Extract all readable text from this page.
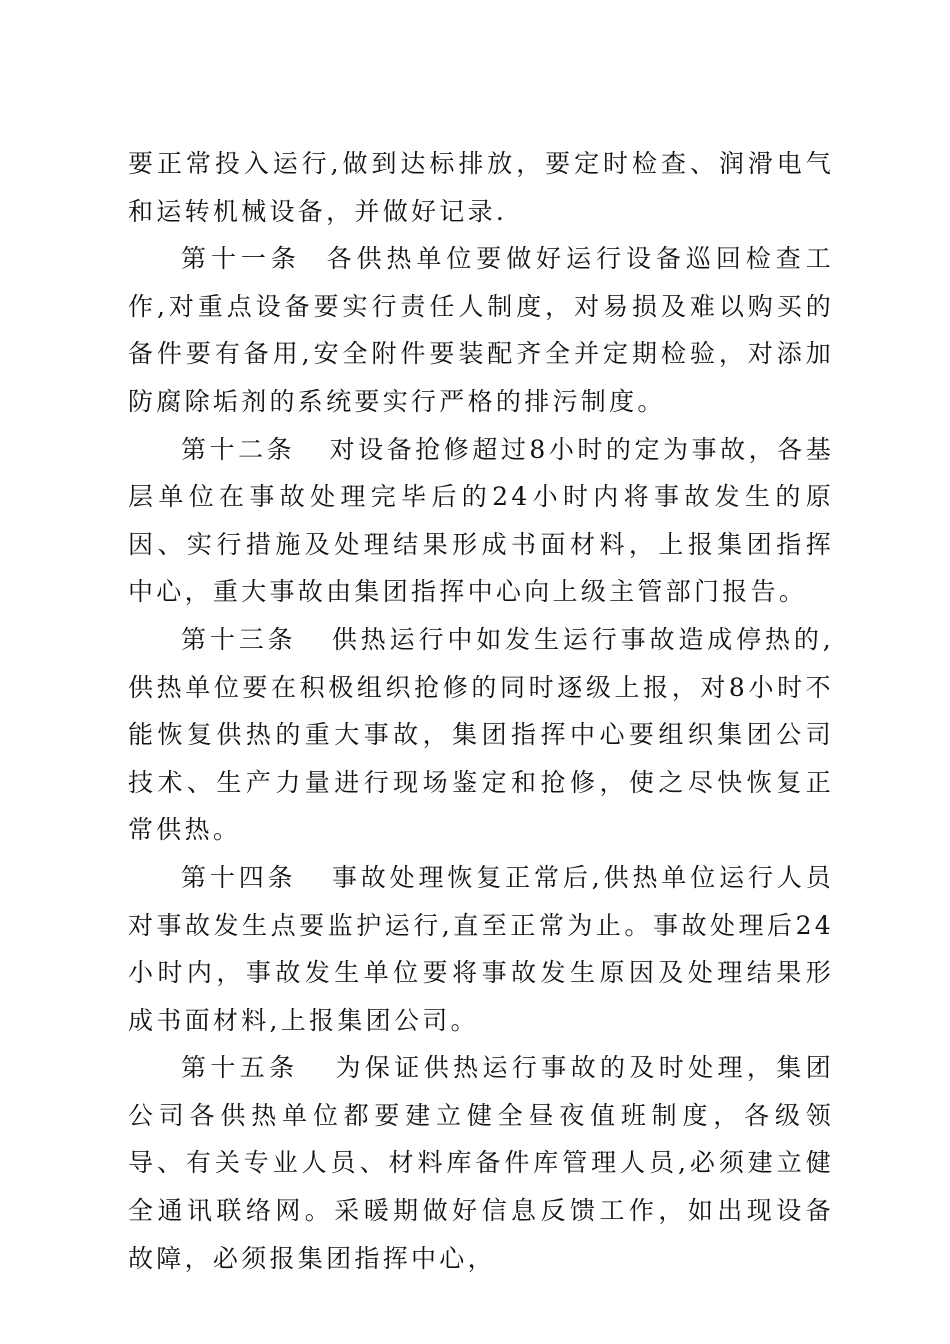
要正常投入运行,做到达标排放，要定时检查、润滑电气和运转机械设备，并做好记录.

第十一条  各供热单位要做好运行设备巡回检查工作,对重点设备要实行责任人制度，对易损及难以购买的备件要有备用,安全附件要装配齐全并定期检验，对添加防腐除垢剂的系统要实行严格的排污制度。

第十二条   对设备抢修超过8小时的定为事故，各基层单位在事故处理完毕后的24小时内将事故发生的原因、实行措施及处理结果形成书面材料，上报集团指挥中心，重大事故由集团指挥中心向上级主管部门报告。

第十三条   供热运行中如发生运行事故造成停热的,供热单位要在积极组织抢修的同时逐级上报，对8小时不能恢复供热的重大事故，集团指挥中心要组织集团公司技术、生产力量进行现场鉴定和抢修，使之尽快恢复正常供热。

第十四条   事故处理恢复正常后,供热单位运行人员对事故发生点要监护运行,直至正常为止。事故处理后24小时内，事故发生单位要将事故发生原因及处理结果形成书面材料,上报集团公司。

第十五条   为保证供热运行事故的及时处理，集团公司各供热单位都要建立健全昼夜值班制度，各级领导、有关专业人员、材料库备件库管理人员,必须建立健全通讯联络网。采暖期做好信息反馈工作，如出现设备故障，必须报集团指挥中心，
